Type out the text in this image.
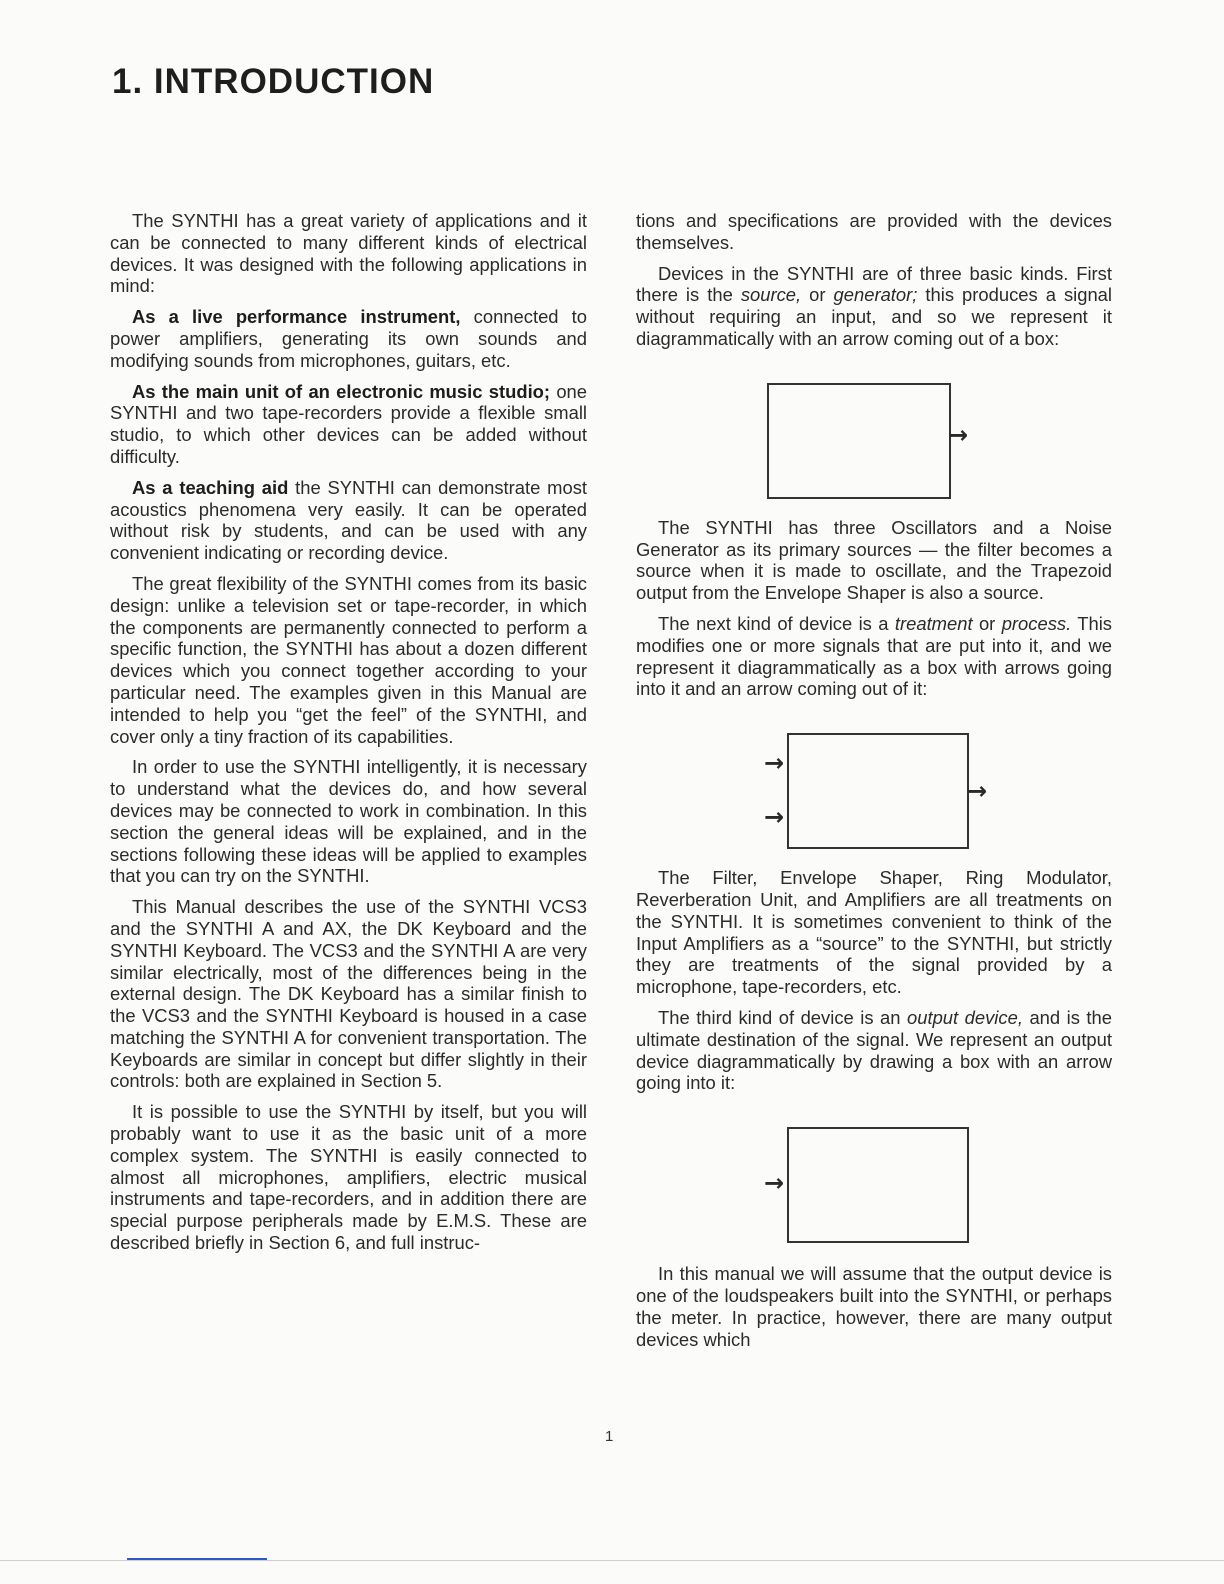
1. INTRODUCTION

The SYNTHI has a great variety of applications and it can be connected to many different kinds of electrical devices. It was designed with the following applications in mind:

As a live performance instrument, connected to power amplifiers, generating its own sounds and modifying sounds from microphones, guitars, etc.

As the main unit of an electronic music studio; one SYNTHI and two tape-recorders provide a flexible small studio, to which other devices can be added without difficulty.

As a teaching aid the SYNTHI can demonstrate most acoustics phenomena very easily. It can be operated without risk by students, and can be used with any convenient indicating or recording device.

The great flexibility of the SYNTHI comes from its basic design: unlike a television set or tape-recorder, in which the components are permanently connected to perform a specific function, the SYNTHI has about a dozen different devices which you connect together according to your particular need. The examples given in this Manual are intended to help you “get the feel” of the SYNTHI, and cover only a tiny fraction of its capabilities.

In order to use the SYNTHI intelligently, it is necessary to understand what the devices do, and how several devices may be connected to work in combination. In this section the general ideas will be explained, and in the sections following these ideas will be applied to examples that you can try on the SYNTHI.

This Manual describes the use of the SYNTHI VCS3 and the SYNTHI A and AX, the DK Keyboard and the SYNTHI Keyboard. The VCS3 and the SYNTHI A are very similar electrically, most of the differences being in the external design. The DK Keyboard has a similar finish to the VCS3 and the SYNTHI Keyboard is housed in a case matching the SYNTHI A for convenient transportation. The Keyboards are similar in concept but differ slightly in their controls: both are explained in Section 5.

It is possible to use the SYNTHI by itself, but you will probably want to use it as the basic unit of a more complex system. The SYNTHI is easily connected to almost all microphones, amplifiers, electric musical instruments and tape-recorders, and in addition there are special purpose peripherals made by E.M.S. These are described briefly in Section 6, and full instruc-

tions and specifications are provided with the devices themselves.

Devices in the SYNTHI are of three basic kinds. First there is the source, or generator; this produces a signal without requiring an input, and so we represent it diagrammatically with an arrow coming out of a box:

→

The SYNTHI has three Oscillators and a Noise Generator as its primary sources — the filter becomes a source when it is made to oscillate, and the Trapezoid output from the Envelope Shaper is also a source.

The next kind of device is a treatment or process. This modifies one or more signals that are put into it, and we represent it diagrammatically as a box with arrows going into it and an arrow coming out of it:

→
→
→

The Filter, Envelope Shaper, Ring Modulator, Reverberation Unit, and Amplifiers are all treatments on the SYNTHI. It is sometimes convenient to think of the Input Amplifiers as a “source” to the SYNTHI, but strictly they are treatments of the signal provided by a microphone, tape-recorders, etc.

The third kind of device is an output device, and is the ultimate destination of the signal. We represent an output device diagrammatically by drawing a box with an arrow going into it:

→

In this manual we will assume that the output device is one of the loudspeakers built into the SYNTHI, or perhaps the meter. In practice, however, there are many output devices which

1
